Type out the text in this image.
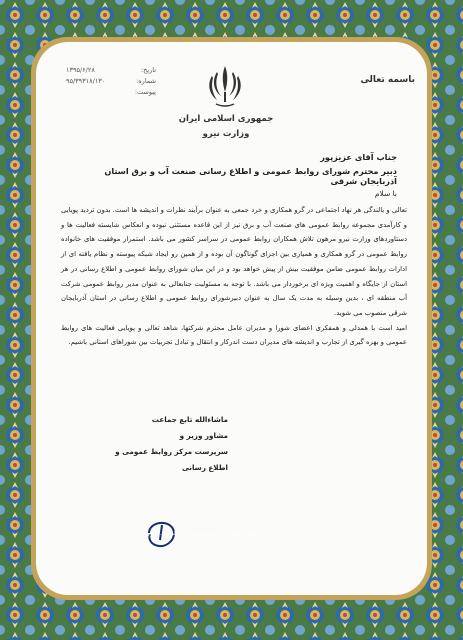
باسمه تعالی
جمهوری اسلامی ایران
وزارت نیرو
تاریخ:
۱۳۹۵/۶/۲۸
شماره:
۹۵/۳۹۳۱۸/۱۳۰
پیوست:
جناب آقای عزیزپور
دبیر محترم شورای روابط عمومی و اطلاع رسانی صنعت آب و برق استان آذربایجان شرقی
با سلام

تعالی و بالندگی هر نهاد اجتماعی در گرو همکاری و خرد جمعی به عنوان برآیند نظرات و اندیشه ها است. بدون تردید پویایی و کارآمدی مجموعه روابط عمومی های صنعت آب و برق نیز از این قاعده مستثنی نبوده و انعکاس شایسته فعالیت ها و دستاوردهای وزارت نیرو مرهون تلاش همکاران روابط عمومی در سراسر کشور می باشد. استمرار موفقیت های خانواده روابط عمومی در گرو همکاری و همیاری بین اجزای گوناگون آن بوده و از همین رو ایجاد شبکه پیوسته و نظام یافته ای از ادارات روابط عمومی ضامن موفقیت بیش از پیش خواهد بود و در این میان شورای روابط عمومی و اطلاع رسانی در هر استان از جایگاه و اهمیت ویژه ای برخوردار می باشد. با توجه به مسئولیت جنابعالی به عنوان مدیر روابط عمومی شرکت آب منطقه ای ، بدین وسیله به مدت یک سال به عنوان دبیرشورای روابط عمومی و اطلاع رسانی در استان آذربایجان شرقی منصوب می شوید.

امید است با همدلی و همفکری اعضای شورا و مدیران عامل محترم شرکتها، شاهد تعالی و پویایی فعالیت های روابط عمومی و بهره گیری از تجارب و اندیشه های مدیران دست اندرکار و انتقال و تبادل تجربیات بین شوراهای استانی باشیم.

ماشاءالله تابع جماعت
مشاور وزیر و
سرپرست مرکز روابط عمومی و اطلاع رسانی
نشانی: تهران - ... - صندوق پستی ... - تلفن: ... - دورنگار: ...
